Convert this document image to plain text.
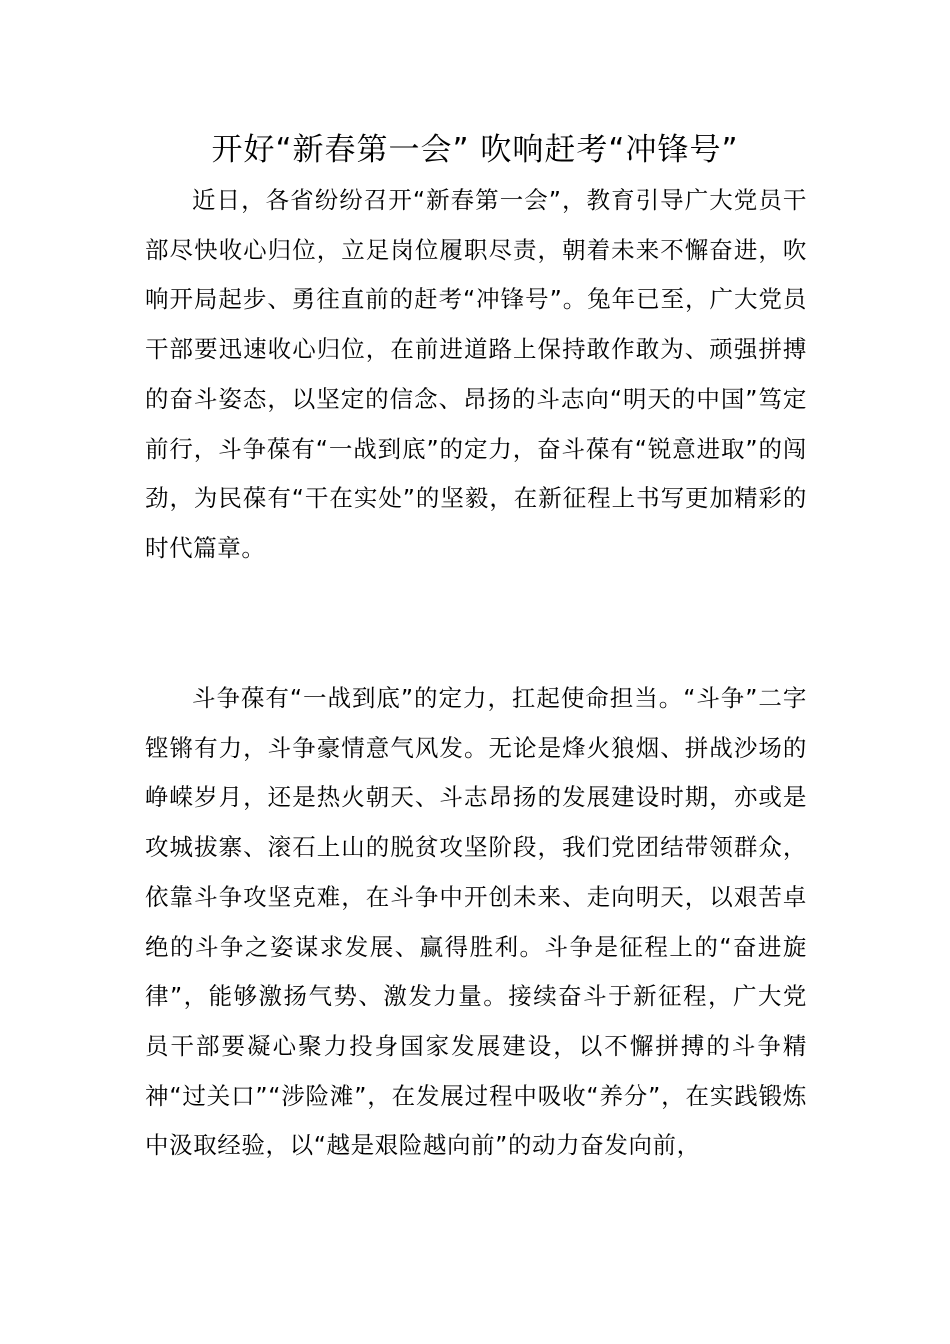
开好“新春第一会” 吹响赶考“冲锋号”

近日，各省纷纷召开“新春第一会”，教育引导广大党员干部尽快收心归位，立足岗位履职尽责，朝着未来不懈奋进，吹响开局起步、勇往直前的赶考“冲锋号”。兔年已至，广大党员干部要迅速收心归位，在前进道路上保持敢作敢为、顽强拼搏的奋斗姿态，以坚定的信念、昂扬的斗志向“明天的中国”笃定前行，斗争葆有“一战到底”的定力，奋斗葆有“锐意进取”的闯劲，为民葆有“干在实处”的坚毅，在新征程上书写更加精彩的时代篇章。

斗争葆有“一战到底”的定力，扛起使命担当。“斗争”二字铿锵有力，斗争豪情意气风发。无论是烽火狼烟、拼战沙场的峥嵘岁月，还是热火朝天、斗志昂扬的发展建设时期，亦或是攻城拔寨、滚石上山的脱贫攻坚阶段，我们党团结带领群众，依靠斗争攻坚克难，在斗争中开创未来、走向明天，以艰苦卓绝的斗争之姿谋求发展、赢得胜利。斗争是征程上的“奋进旋律”，能够激扬气势、激发力量。接续奋斗于新征程，广大党员干部要凝心聚力投身国家发展建设，以不懈拼搏的斗争精神“过关口”“涉险滩”，在发展过程中吸收“养分”，在实践锻炼中汲取经验，以“越是艰险越向前”的动力奋发向前，
